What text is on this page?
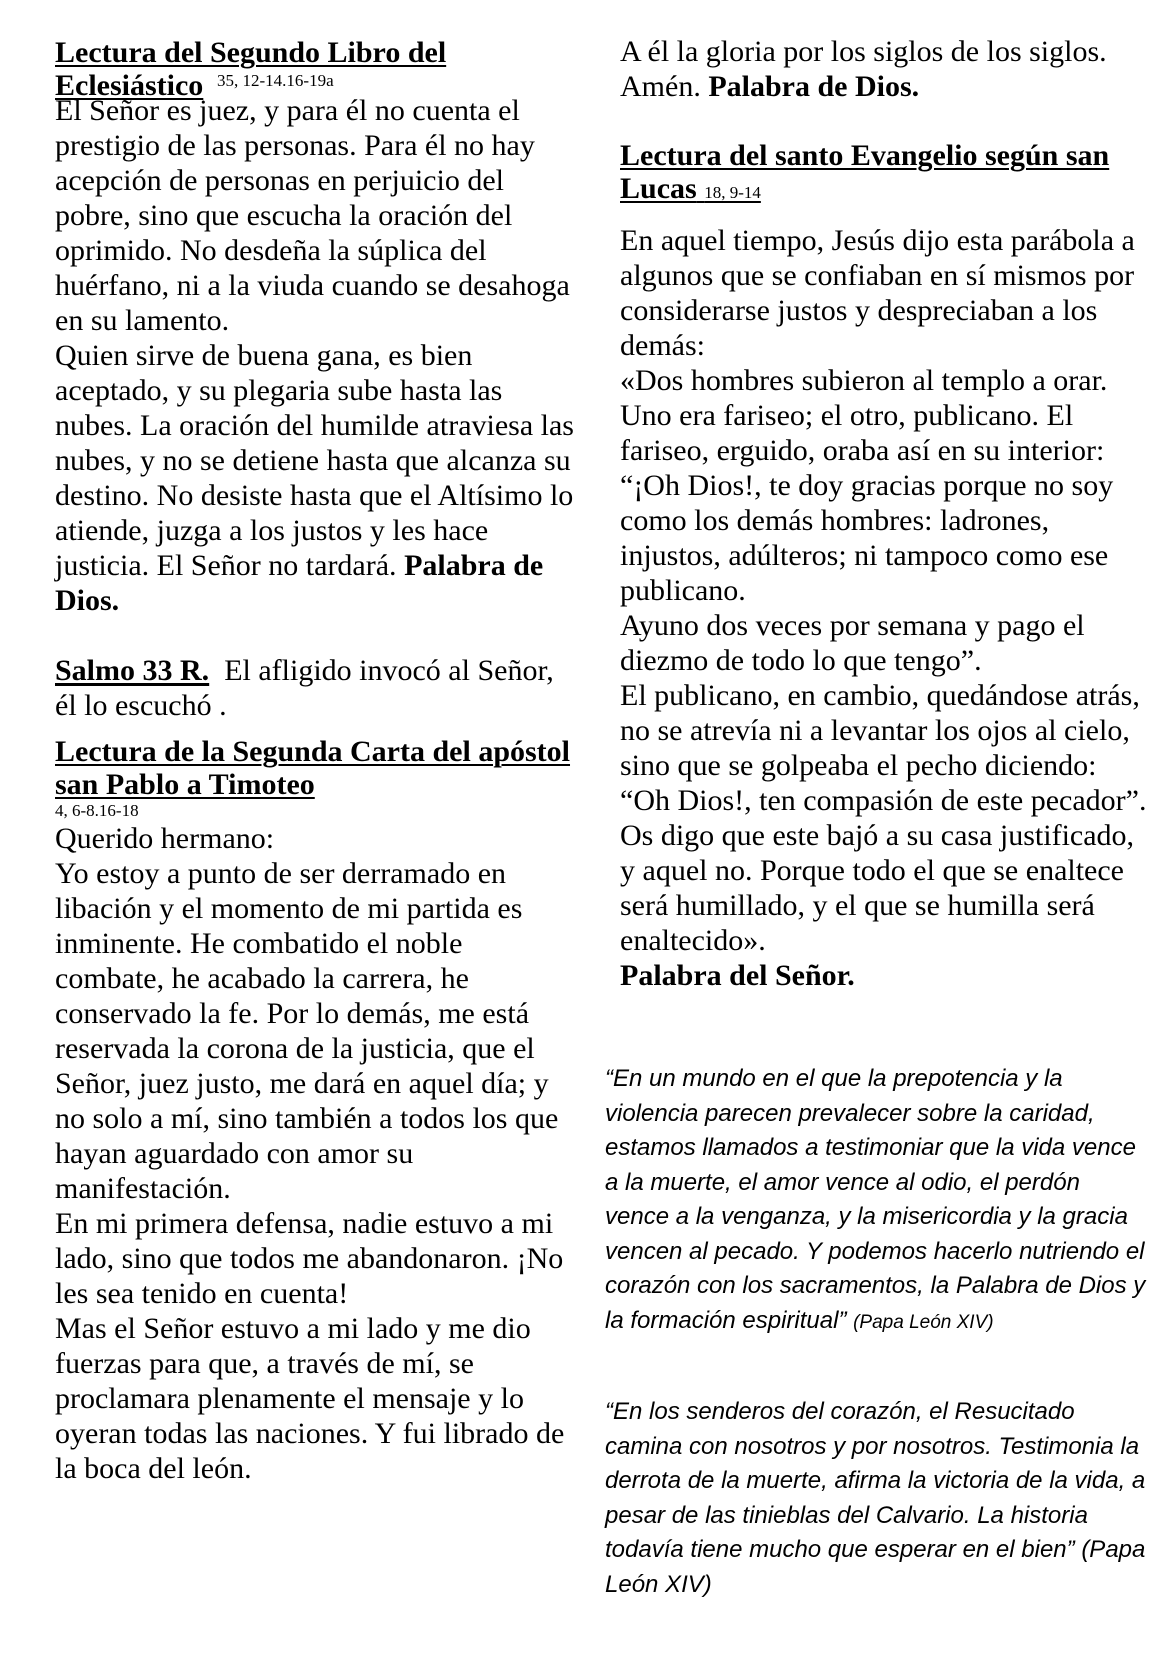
Lectura del Segundo Libro del Eclesiástico 35, 12-14.16-19a

El Señor es juez, y para él no cuenta el prestigio de las personas. Para él no hay acepción de personas en perjuicio del pobre, sino que escucha la oración del oprimido. No desdeña la súplica del huérfano, ni a la viuda cuando se desahoga en su lamento.

Quien sirve de buena gana, es bien aceptado, y su plegaria sube hasta las nubes. La oración del humilde atraviesa las nubes, y no se detiene hasta que alcanza su destino. No desiste hasta que el Altísimo lo atiende, juzga a los justos y les hace justicia. El Señor no tardará. Palabra de Dios.

Salmo 33 R. El afligido invocó al Señor, él lo escuchó .

Lectura de la Segunda Carta del apóstol san Pablo a Timoteo
4, 6-8.16-18

Querido hermano:

Yo estoy a punto de ser derramado en libación y el momento de mi partida es inminente. He combatido el noble combate, he acabado la carrera, he conservado la fe. Por lo demás, me está reservada la corona de la justicia, que el Señor, juez justo, me dará en aquel día; y no solo a mí, sino también a todos los que hayan aguardado con amor su manifestación.

En mi primera defensa, nadie estuvo a mi lado, sino que todos me abandonaron. ¡No les sea tenido en cuenta!

Mas el Señor estuvo a mi lado y me dio fuerzas para que, a través de mí, se proclamara plenamente el mensaje y lo oyeran todas las naciones. Y fui librado de la boca del león.

A él la gloria por los siglos de los siglos. Amén. Palabra de Dios.

Lectura del santo Evangelio según san Lucas 18, 9-14

En aquel tiempo, Jesús dijo esta parábola a algunos que se confiaban en sí mismos por considerarse justos y despreciaban a los demás:

«Dos hombres subieron al templo a orar. Uno era fariseo; el otro, publicano. El fariseo, erguido, oraba así en su interior: “¡Oh Dios!, te doy gracias porque no soy como los demás hombres: ladrones, injustos, adúlteros; ni tampoco como ese publicano.

Ayuno dos veces por semana y pago el diezmo de todo lo que tengo”.

El publicano, en cambio, quedándose atrás, no se atrevía ni a levantar los ojos al cielo, sino que se golpeaba el pecho diciendo: “Oh Dios!, ten compasión de este pecador”.

Os digo que este bajó a su casa justificado, y aquel no. Porque todo el que se enaltece será humillado, y el que se humilla será enaltecido».

Palabra del Señor.

“En un mundo en el que la prepotencia y la violencia parecen prevalecer sobre la caridad, estamos llamados a testimoniar que la vida vence a la muerte, el amor vence al odio, el perdón vence a la venganza, y la misericordia y la gracia vencen al pecado. Y podemos hacerlo nutriendo el corazón con los sacramentos, la Palabra de Dios y la formación espiritual” (Papa León XIV)
“En los senderos del corazón, el Resucitado camina con nosotros y por nosotros. Testimonia la derrota de la muerte, afirma la victoria de la vida, a pesar de las tinieblas del Calvario. La historia todavía tiene mucho que esperar en el bien” (Papa León XIV)
